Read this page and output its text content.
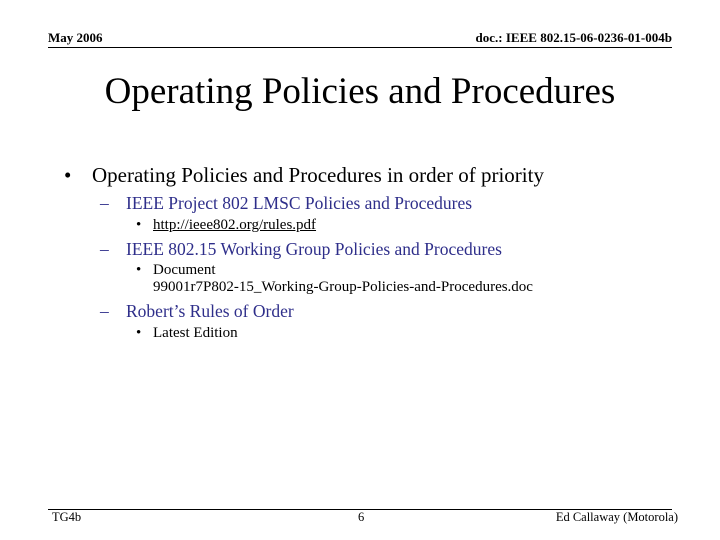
May 2006	doc.: IEEE 802.15-06-0236-01-004b
Operating Policies and Procedures
• Operating Policies and Procedures in order of priority
– IEEE Project 802 LMSC Policies and Procedures
• http://ieee802.org/rules.pdf
– IEEE 802.15 Working Group Policies and Procedures
• Document
99001r7P802-15_Working-Group-Policies-and-Procedures.doc
– Robert’s Rules of Order
• Latest Edition
TG4b	6	Ed Callaway (Motorola)
